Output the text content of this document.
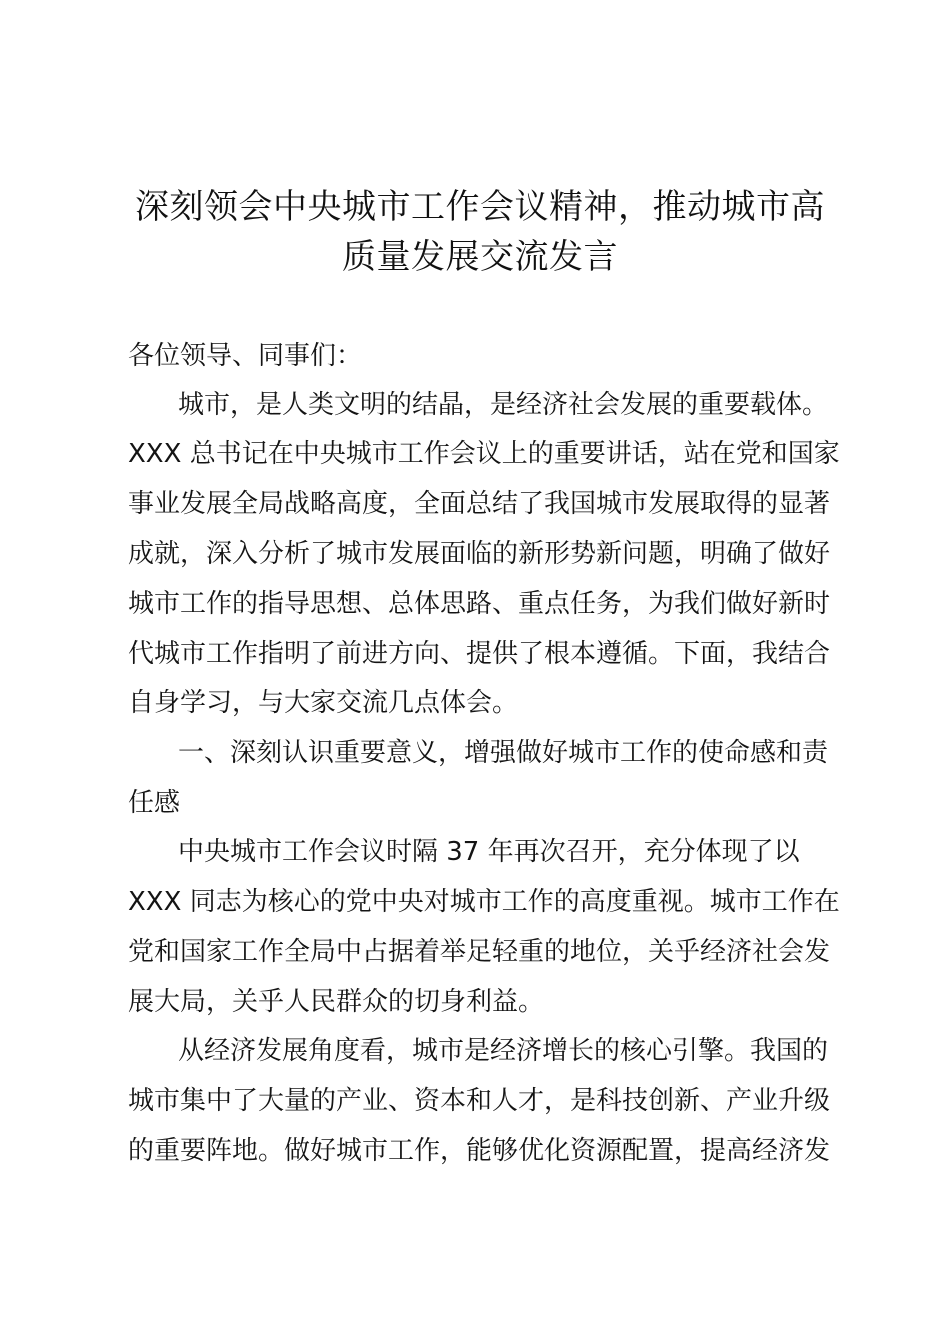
深刻领会中央城市工作会议精神，推动城市高
质量发展交流发言
各位领导、同事们：
城市，是人类文明的结晶，是经济社会发展的重要载体。
XXX 总书记在中央城市工作会议上的重要讲话，站在党和国家
事业发展全局战略高度，全面总结了我国城市发展取得的显著
成就，深入分析了城市发展面临的新形势新问题，明确了做好
城市工作的指导思想、总体思路、重点任务，为我们做好新时
代城市工作指明了前进方向、提供了根本遵循。下面，我结合
自身学习，与大家交流几点体会。
一、深刻认识重要意义，增强做好城市工作的使命感和责
任感
中央城市工作会议时隔 37 年再次召开，充分体现了以
XXX 同志为核心的党中央对城市工作的高度重视。城市工作在
党和国家工作全局中占据着举足轻重的地位，关乎经济社会发
展大局，关乎人民群众的切身利益。
从经济发展角度看，城市是经济增长的核心引擎。我国的
城市集中了大量的产业、资本和人才，是科技创新、产业升级
的重要阵地。做好城市工作，能够优化资源配置，提高经济发
